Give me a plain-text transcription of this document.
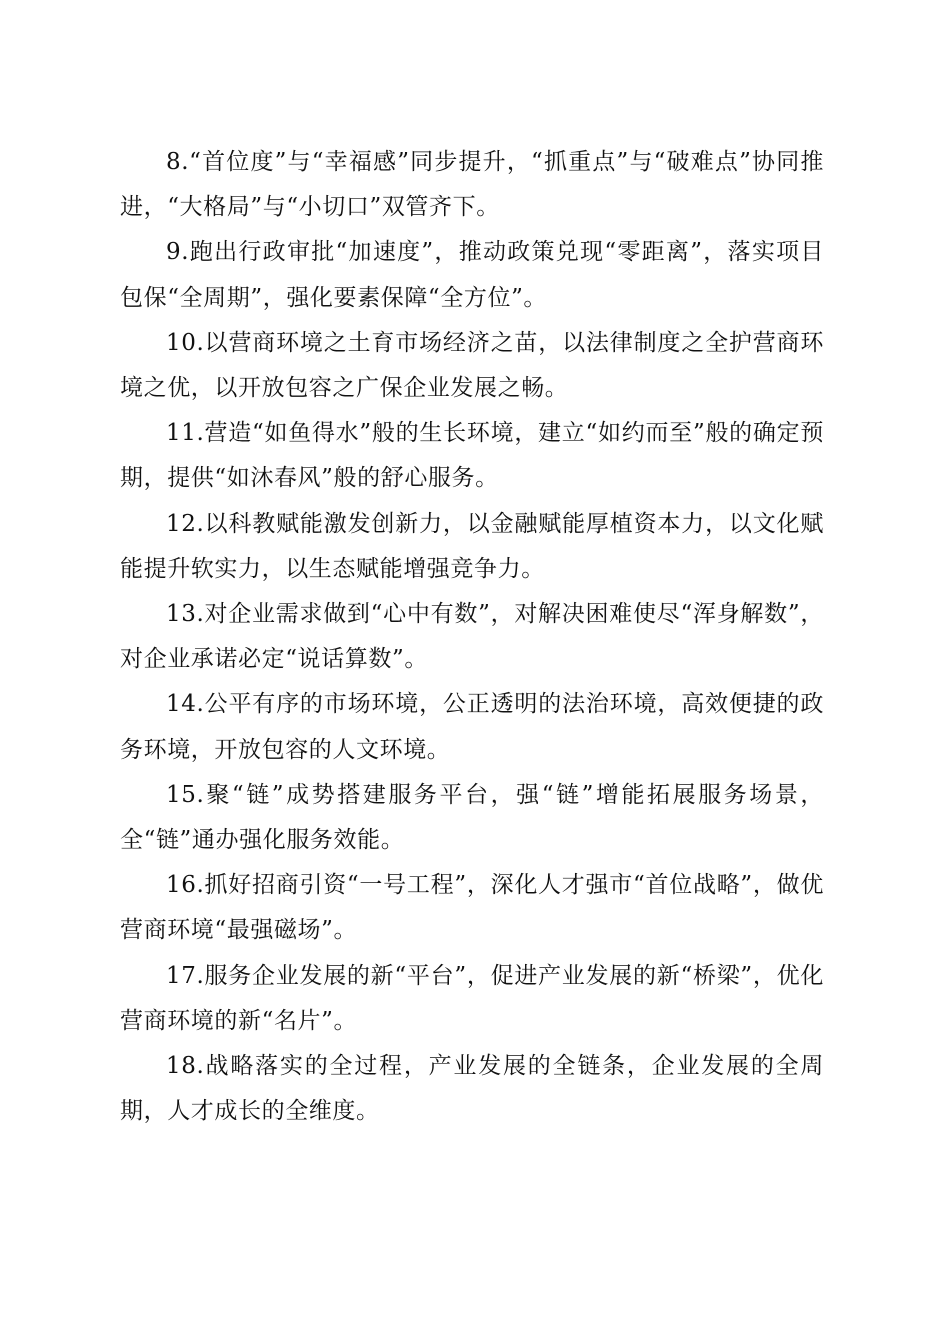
8.“首位度”与“幸福感”同步提升，“抓重点”与“破难点”协同推进，“大格局”与“小切口”双管齐下。

9.跑出行政审批“加速度”，推动政策兑现“零距离”，落实项目包保“全周期”，强化要素保障“全方位”。

10.以营商环境之土育市场经济之苗，以法律制度之全护营商环境之优，以开放包容之广保企业发展之畅。

11.营造“如鱼得水”般的生长环境，建立“如约而至”般的确定预期，提供“如沐春风”般的舒心服务。

12.以科教赋能激发创新力，以金融赋能厚植资本力，以文化赋能提升软实力，以生态赋能增强竞争力。

13.对企业需求做到“心中有数”，对解决困难使尽“浑身解数”，对企业承诺必定“说话算数”。

14.公平有序的市场环境，公正透明的法治环境，高效便捷的政务环境，开放包容的人文环境。

15.聚“链”成势搭建服务平台，强“链”增能拓展服务场景，全“链”通办强化服务效能。

16.抓好招商引资“一号工程”，深化人才强市“首位战略”，做优营商环境“最强磁场”。

17.服务企业发展的新“平台”，促进产业发展的新“桥梁”，优化营商环境的新“名片”。

18.战略落实的全过程，产业发展的全链条，企业发展的全周期，人才成长的全维度。
